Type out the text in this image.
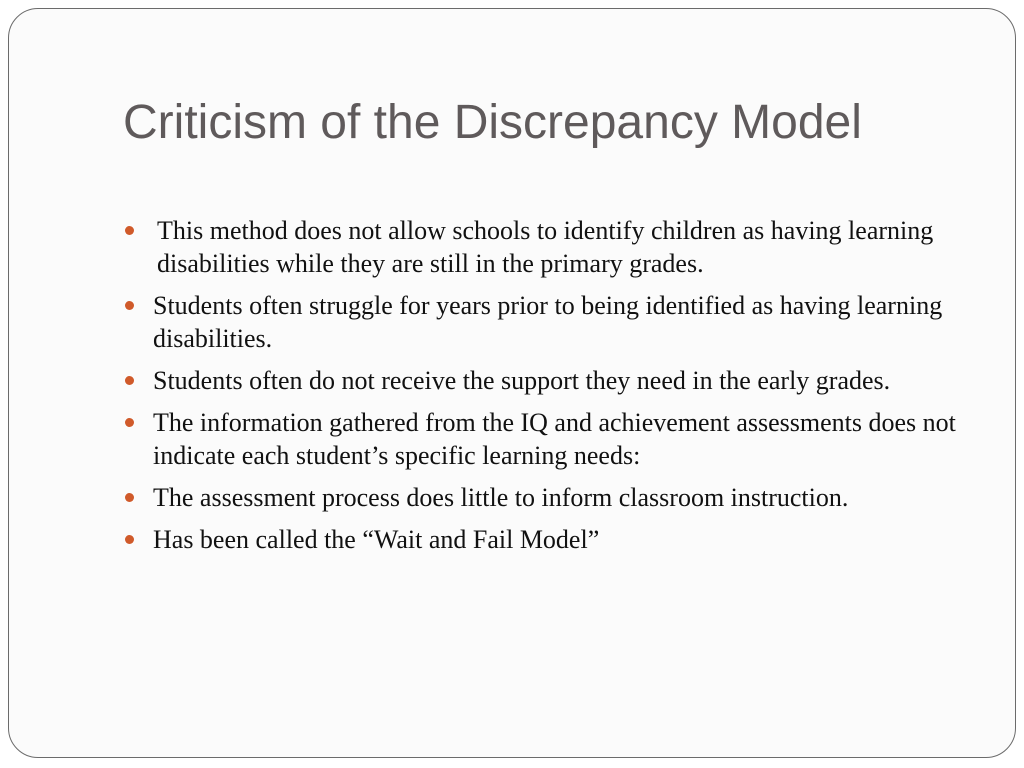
Criticism of the Discrepancy Model
This method does not allow schools to identify children as having learning disabilities while they are still in the primary grades.
Students often struggle for years prior to being identified as having learning disabilities.
Students often do not receive the support they need in the early grades.
The information gathered from the IQ and achievement assessments does not indicate each student’s specific learning needs:
The assessment process does little to inform classroom instruction.
Has been called the “Wait and Fail Model”
